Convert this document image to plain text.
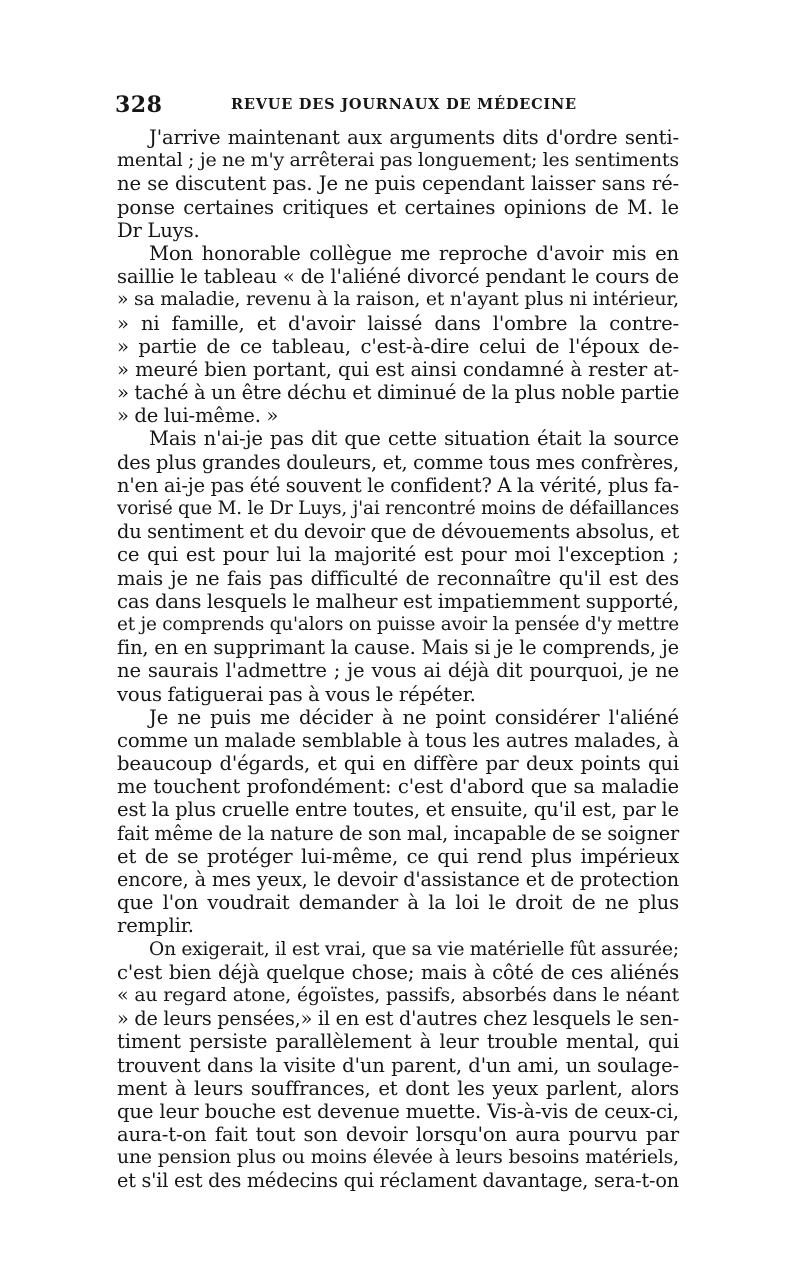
328	REVUE DES JOURNAUX DE MÉDECINE
J'arrive maintenant aux arguments dits d'ordre senti-
mental ; je ne m'y arrêterai pas longuement; les sentiments
ne se discutent pas. Je ne puis cependant laisser sans ré-
ponse certaines critiques et certaines opinions de M. le
Dr Luys.
Mon honorable collègue me reproche d'avoir mis en
saillie le tableau « de l'aliéné divorcé pendant le cours de
» sa maladie, revenu à la raison, et n'ayant plus ni intérieur,
» ni famille, et d'avoir laissé dans l'ombre la contre-
» partie de ce tableau, c'est-à-dire celui de l'époux de-
» meuré bien portant, qui est ainsi condamné à rester at-
» taché à un être déchu et diminué de la plus noble partie
» de lui-même. »
Mais n'ai-je pas dit que cette situation était la source
des plus grandes douleurs, et, comme tous mes confrères,
n'en ai-je pas été souvent le confident? A la vérité, plus fa-
vorisé que M. le Dr Luys, j'ai rencontré moins de défaillances
du sentiment et du devoir que de dévouements absolus, et
ce qui est pour lui la majorité est pour moi l'exception ;
mais je ne fais pas difficulté de reconnaître qu'il est des
cas dans lesquels le malheur est impatiemment supporté,
et je comprends qu'alors on puisse avoir la pensée d'y mettre
fin, en en supprimant la cause. Mais si je le comprends, je
ne saurais l'admettre ; je vous ai déjà dit pourquoi, je ne
vous fatiguerai pas à vous le répéter.
Je ne puis me décider à ne point considérer l'aliéné
comme un malade semblable à tous les autres malades, à
beaucoup d'égards, et qui en diffère par deux points qui
me touchent profondément: c'est d'abord que sa maladie
est la plus cruelle entre toutes, et ensuite, qu'il est, par le
fait même de la nature de son mal, incapable de se soigner
et de se protéger lui-même, ce qui rend plus impérieux
encore, à mes yeux, le devoir d'assistance et de protection
que l'on voudrait demander à la loi le droit de ne plus
remplir.
On exigerait, il est vrai, que sa vie matérielle fût assurée;
c'est bien déjà quelque chose; mais à côté de ces aliénés
« au regard atone, égoïstes, passifs, absorbés dans le néant
» de leurs pensées,» il en est d'autres chez lesquels le sen-
timent persiste parallèlement à leur trouble mental, qui
trouvent dans la visite d'un parent, d'un ami, un soulage-
ment à leurs souffrances, et dont les yeux parlent, alors
que leur bouche est devenue muette. Vis-à-vis de ceux-ci,
aura-t-on fait tout son devoir lorsqu'on aura pourvu par
une pension plus ou moins élevée à leurs besoins matériels,
et s'il est des médecins qui réclament davantage, sera-t-on
